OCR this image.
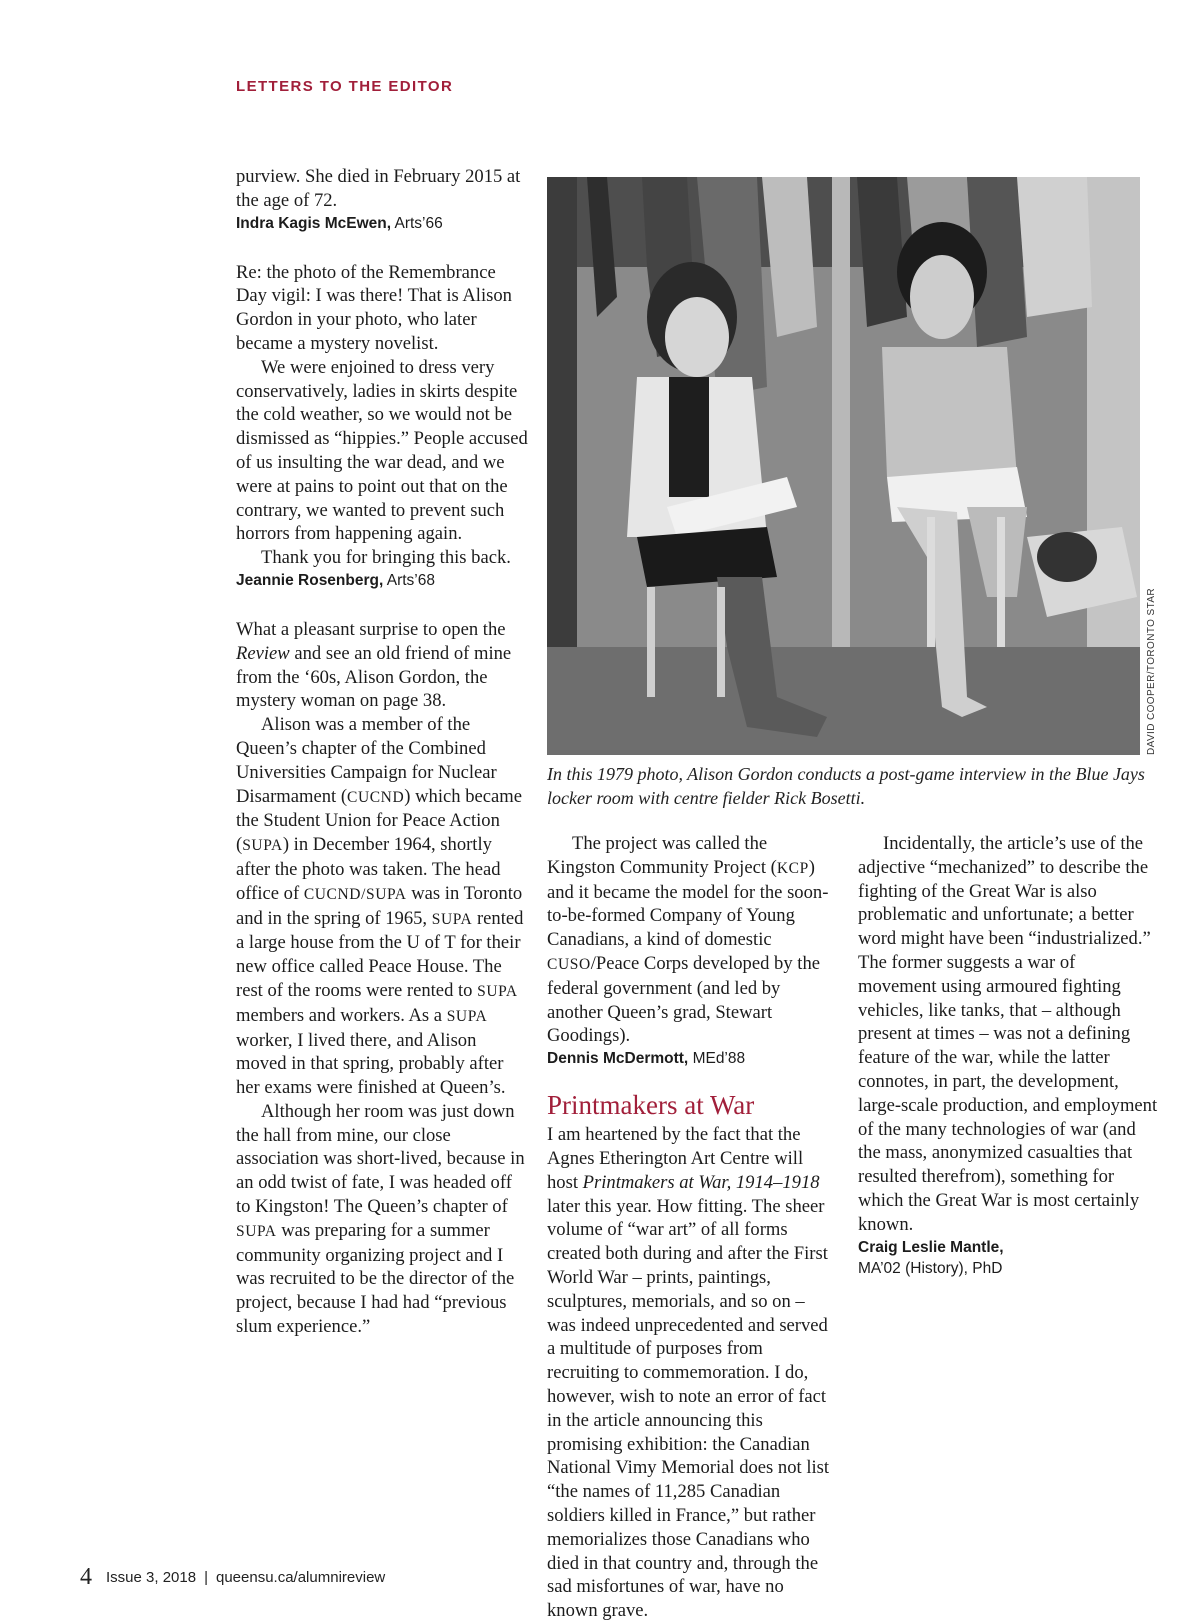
LETTERS TO THE EDITOR

purview. She died in February 2015 at the age of 72.

Indra Kagis McEwen, Arts’66

Re: the photo of the Remembrance Day vigil: I was there! That is Alison Gordon in your photo, who later became a mystery novelist.

We were enjoined to dress very conservatively, ladies in skirts despite the cold weather, so we would not be dismissed as “hippies.” People accused of us insulting the war dead, and we were at pains to point out that on the contrary, we wanted to prevent such horrors from happening again.

Thank you for bringing this back.

Jeannie Rosenberg, Arts’68

What a pleasant surprise to open the Review and see an old friend of mine from the ‘60s, Alison Gordon, the mystery woman on page 38.

Alison was a member of the Queen’s chapter of the Combined Universities Campaign for Nuclear Disarmament (CUCND) which became the Student Union for Peace Action (SUPA) in December 1964, shortly after the photo was taken. The head office of CUCND/SUPA was in Toronto and in the spring of 1965, SUPA rented a large house from the U of T for their new office called Peace House. The rest of the rooms were rented to SUPA members and workers. As a SUPA worker, I lived there, and Alison moved in that spring, probably after her exams were finished at Queen’s.

Although her room was just down the hall from mine, our close association was short-lived, because in an odd twist of fate, I was headed off to Kingston! The Queen’s chapter of SUPA was preparing for a summer community organizing project and I was recruited to be the director of the project, because I had had “previous slum experience.”

DAVID COOPER/TORONTO STAR

In this 1979 photo, Alison Gordon conducts a post-game interview in the Blue Jays locker room with centre fielder Rick Bosetti.

The project was called the Kingston Community Project (KCP) and it became the model for the soon-to-be-formed Company of Young Canadians, a kind of domestic CUSO/Peace Corps developed by the federal government (and led by another Queen’s grad, Stewart Goodings).

Dennis McDermott, MEd’88

Printmakers at War

I am heartened by the fact that the Agnes Etherington Art Centre will host Printmakers at War, 1914–1918 later this year. How fitting. The sheer volume of “war art” of all forms created both during and after the First World War – prints, paintings, sculptures, memorials, and so on – was indeed unprecedented and served a multitude of purposes from recruiting to commemoration. I do, however, wish to note an error of fact in the article announcing this promising exhibition: the Canadian National Vimy Memorial does not list “the names of 11,285 Canadian soldiers killed in France,” but rather memorializes those Canadians who died in that country and, through the sad misfortunes of war, have no known grave.

Incidentally, the article’s use of the adjective “mechanized” to describe the fighting of the Great War is also problematic and unfortunate; a better word might have been “industrialized.” The former suggests a war of movement using armoured fighting vehicles, like tanks, that – although present at times – was not a defining feature of the war, while the latter connotes, in part, the development, large-scale production, and employment of the many technologies of war (and the mass, anonymized casualties that resulted therefrom), something for which the Great War is most certainly known.

Craig Leslie Mantle,
MA’02 (History), PhD

4 Issue 3, 2018 | queensu.ca/alumnireview
